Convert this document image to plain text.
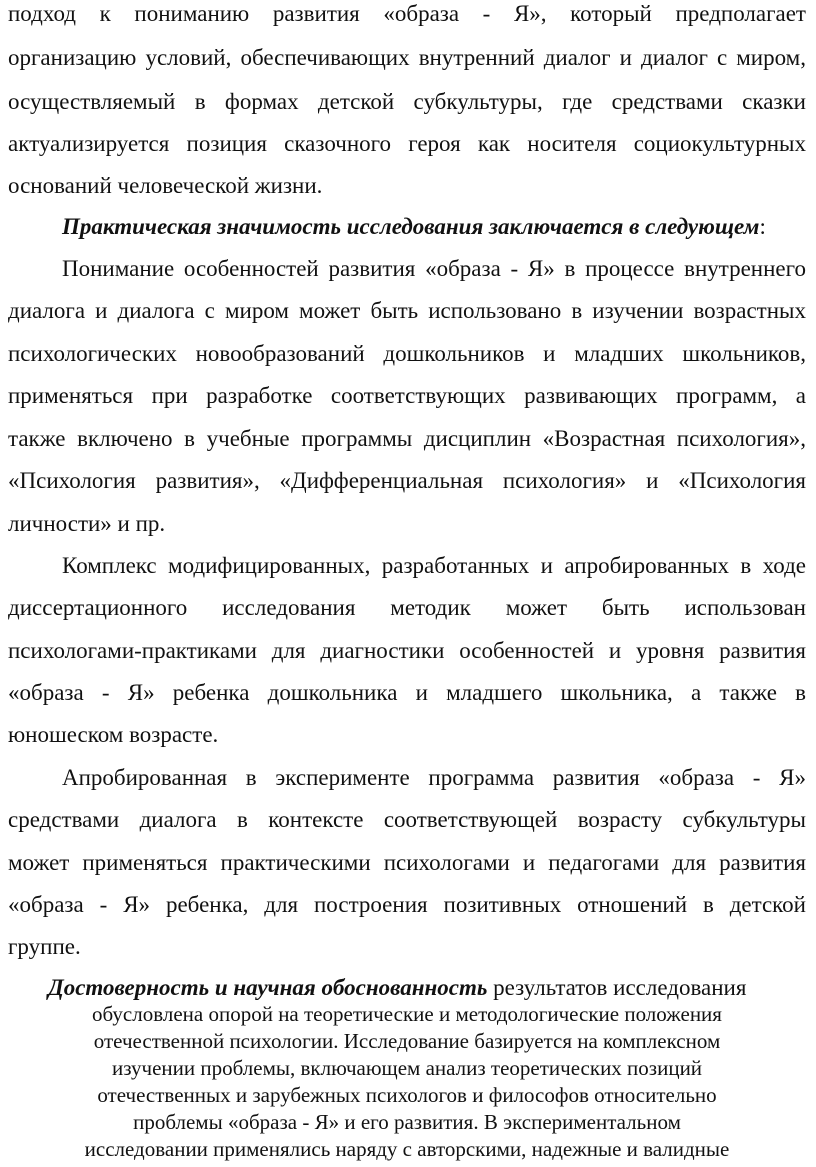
подход к пониманию развития «образа - Я», который предполагает
организацию условий, обеспечивающих внутренний диалог и диалог с миром,
осуществляемый в формах детской субкультуры, где средствами сказки
актуализируется позиция сказочного героя как носителя социокультурных
оснований человеческой жизни.
Практическая значимость исследования заключается в следующем:
Понимание особенностей развития «образа - Я» в процессе внутреннего
диалога и диалога с миром может быть использовано в изучении возрастных
психологических новообразований дошкольников и младших школьников,
применяться при разработке соответствующих развивающих программ, а
также включено в учебные программы дисциплин «Возрастная психология»,
«Психология развития», «Дифференциальная психология» и «Психология
личности» и пр.
Комплекс модифицированных, разработанных и апробированных в ходе
диссертационного исследования методик может быть использован
психологами-практиками для диагностики особенностей и уровня развития
«образа - Я» ребенка дошкольника и младшего школьника, а также в
юношеском возрасте.
Апробированная в эксперименте программа развития «образа - Я»
средствами диалога в контексте соответствующей возрасту субкультуры
может применяться практическими психологами и педагогами для развития
«образа - Я» ребенка, для построения позитивных отношений в детской
группе.
Достоверность и научная обоснованность результатов исследования
обусловлена опорой на теоретические и методологические положения
отечественной психологии. Исследование базируется на комплексном
изучении проблемы, включающем анализ теоретических позиций
отечественных и зарубежных психологов и философов относительно
проблемы «образа - Я» и его развития. В экспериментальном
исследовании применялись наряду с авторскими, надежные и валидные
